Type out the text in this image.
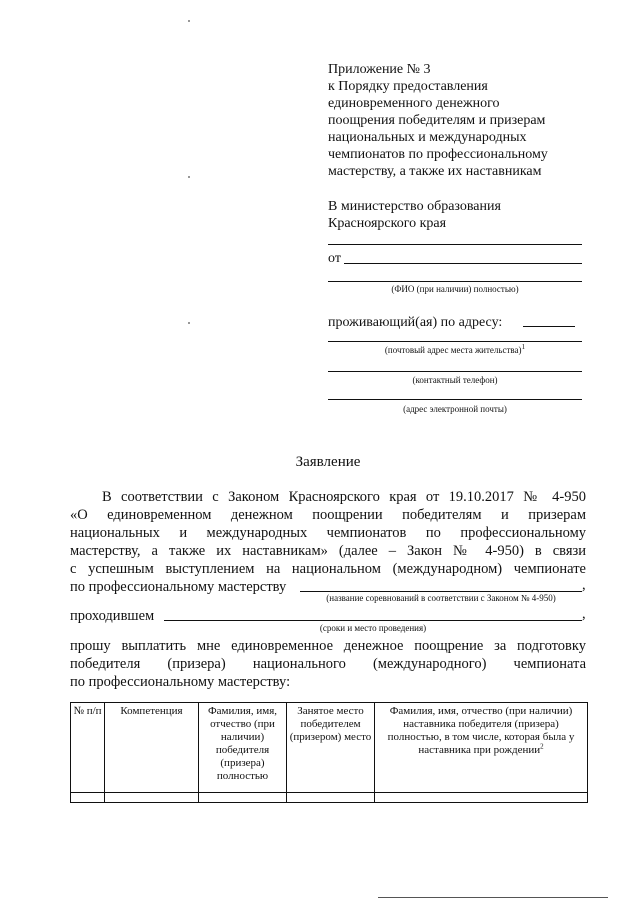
Приложение № 3
к Порядку предоставления
единовременного денежного
поощрения победителям и призерам
национальных и международных
чемпионатов по профессиональному
мастерству, а также их наставникам
В министерство образования
Красноярского края
от
(ФИО (при наличии) полностью)
проживающий(ая) по адресу:
(почтовый адрес места жительства)$^1$
(контактный телефон)
(адрес электронной почты)
Заявление
В соответствии с Законом Красноярского края от 19.10.2017 № 4-950
«О единовременном денежном поощрении победителям и призерам
национальных и международных чемпионатов по профессиональному
мастерству, а также их наставникам» (далее – Закон № 4-950) в связи
с успешным выступлением на национальном (международном) чемпионате
по профессиональному мастерству	,
(название соревнований в соответствии с Законом № 4-950)
проходившем	,
(сроки и место проведения)
прошу выплатить мне единовременное денежное поощрение за подготовку
победителя (призера) национального (международного) чемпионата
по профессиональному мастерству:
№ п/п	Компетенция	Фамилия, имя, отчество (при наличии) победителя (призера) полностью	Занятое место победителем (призером) место	Фамилия, имя, отчество (при наличии) наставника победителя (призера) полностью, в том числе, которая была у наставника при рождении$^2$
